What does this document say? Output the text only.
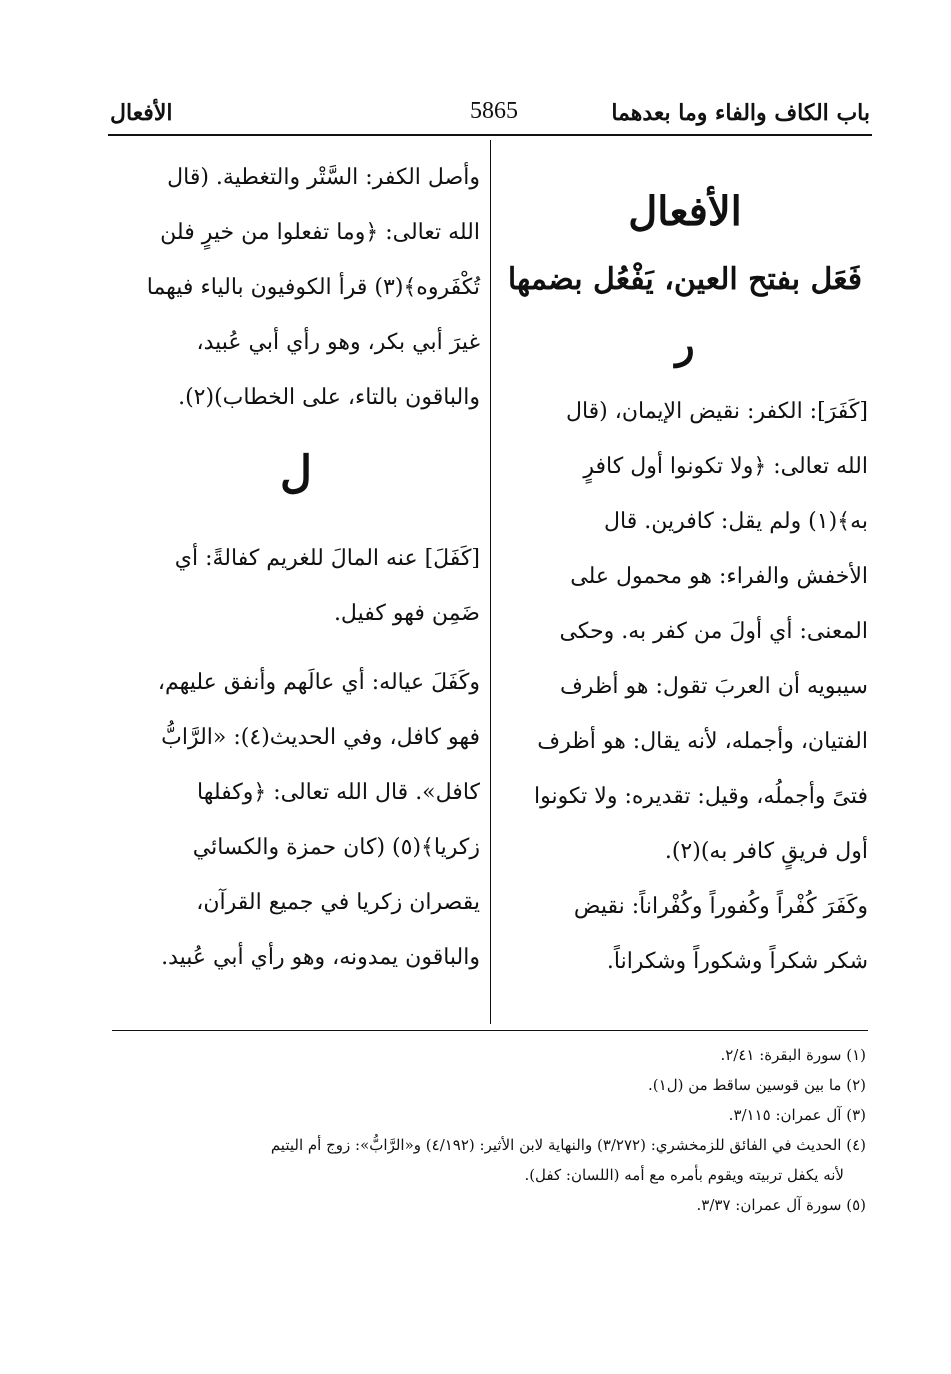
باب الكاف والفاء وما بعدهما
5865
الأفعال

الأفعال

فَعَل بفتح العين، يَفْعُل بضمها

ر

[كَفَرَ]: الكفر: نقيض الإيمان، (قال

الله تعالى: ﴿ولا تكونوا أول كافرٍ

به﴾(١) ولم يقل: كافرين. قال

الأخفش والفراء: هو محمول على

المعنى: أي أولَ من كفر به. وحكى

سيبويه أن العربَ تقول: هو أظرف

الفتيان، وأجمله، لأنه يقال: هو أظرف

فتىً وأجملُه، وقيل: تقديره: ولا تكونوا

أول فريقٍ كافر به)(٢).

وكَفَرَ كُفْراً وكُفوراً وكُفْراناً: نقيض

شكر شكراً وشكوراً وشكراناً.

وأصل الكفر: السَّتْر والتغطية. (قال

الله تعالى: ﴿وما تفعلوا من خيرٍ فلن

تُكْفَروه﴾(٣) قرأ الكوفيون بالياء فيهما

غيرَ أبي بكر، وهو رأي أبي عُبيد،

والباقون بالتاء، على الخطاب)(٢).

ل

[كَفَلَ] عنه المالَ للغريم كفالةً: أي

ضَمِن فهو كفيل.

وكَفَلَ عياله: أي عالَهم وأنفق عليهم،

فهو كافل، وفي الحديث(٤): «الرَّابُّ

كافل». قال الله تعالى: ﴿وكفلها

زكريا﴾(٥) (كان حمزة والكسائي

يقصران زكريا في جميع القرآن،

والباقون يمدونه، وهو رأي أبي عُبيد.

(١) سورة البقرة: ٢/٤١.

(٢) ما بين قوسين ساقط من (ل١).

(٣) آل عمران: ٣/١١٥.

(٤) الحديث في الفائق للزمخشري: (٣/٢٧٢) والنهاية لابن الأثير: (٤/١٩٢) و«الرَّابُّ»: زوج أم اليتيم

لأنه يكفل تربيته ويقوم بأمره مع أمه (اللسان: كفل).

(٥) سورة آل عمران: ٣/٣٧.
